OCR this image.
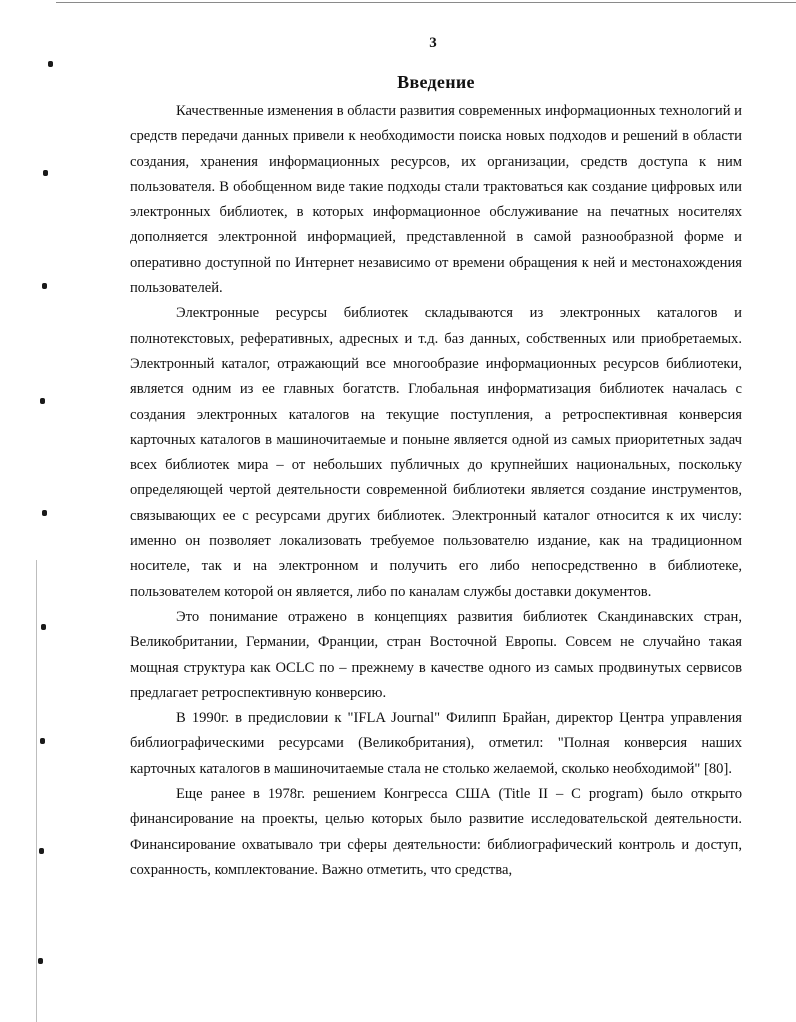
3
Введение

Качественные изменения в области развития современных информационных технологий и средств передачи данных привели к необходимости поиска новых подходов и решений в области создания, хранения информационных ресурсов, их организации, средств доступа к ним пользователя. В обобщенном виде такие подходы стали трактоваться как создание цифровых или электронных библиотек, в которых информационное обслуживание на печатных носителях дополняется электронной информацией, представленной в самой разнообразной форме и оперативно доступной по Интернет независимо от времени обращения к ней и местонахождения пользователей.

Электронные ресурсы библиотек складываются из электронных каталогов и полнотекстовых, реферативных, адресных и т.д. баз данных, собственных или приобретаемых. Электронный каталог, отражающий все многообразие информационных ресурсов библиотеки, является одним из ее главных богатств. Глобальная информатизация библиотек началась с создания электронных каталогов на текущие поступления, а ретроспективная конверсия карточных каталогов в машиночитаемые и поныне является одной из самых приоритетных задач всех библиотек мира – от небольших публичных до крупнейших национальных, поскольку определяющей чертой деятельности современной библиотеки является создание инструментов, связывающих ее с ресурсами других библиотек. Электронный каталог относится к их числу: именно он позволяет локализовать требуемое пользователю издание, как на традиционном носителе, так и на электронном и получить его либо непосредственно в библиотеке, пользователем которой он является, либо по каналам службы доставки документов.

Это понимание отражено в концепциях развития библиотек Скандинавских стран, Великобритании, Германии, Франции, стран Восточной Европы. Совсем не случайно такая мощная структура как OCLC по – прежнему в качестве одного из самых продвинутых сервисов предлагает ретроспективную конверсию.

В 1990г. в предисловии к "IFLA Journal" Филипп Брайан, директор Центра управления библиографическими ресурсами (Великобритания), отметил: "Полная конверсия наших карточных каталогов в машиночитаемые стала не столько желаемой, сколько необходимой" [80].

Еще ранее в 1978г. решением Конгресса США (Title II – C program) было открыто финансирование на проекты, целью которых было развитие исследовательской деятельности. Финансирование охватывало три сферы деятельности: библиографический контроль и доступ, сохранность, комплектование. Важно отметить, что средства,
